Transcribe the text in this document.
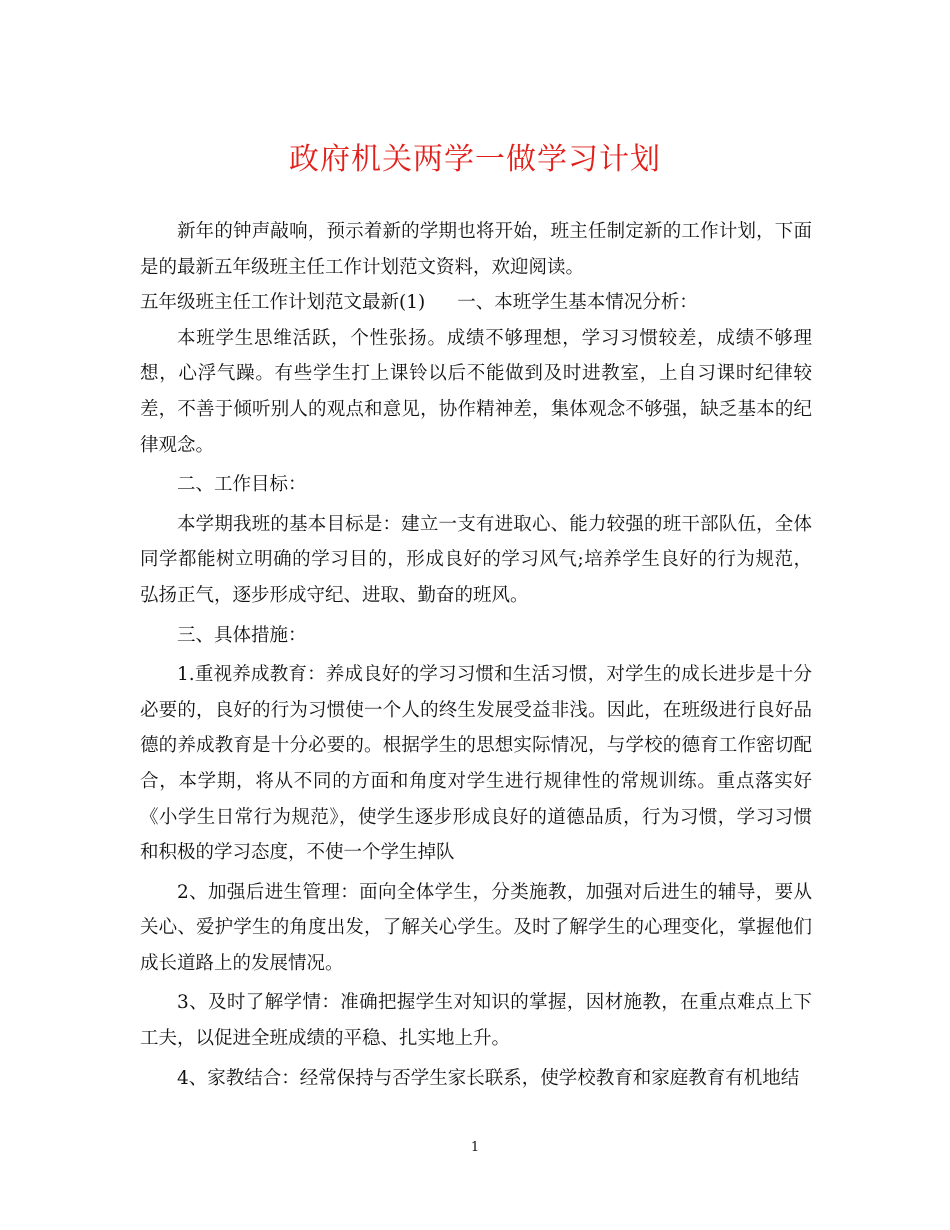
政府机关两学一做学习计划

新年的钟声敲响，预示着新的学期也将开始，班主任制定新的工作计划，下面是的最新五年级班主任工作计划范文资料，欢迎阅读。

五年级班主任工作计划范文最新(1) 一、本班学生基本情况分析：

本班学生思维活跃，个性张扬。成绩不够理想，学习习惯较差，成绩不够理想，心浮气躁。有些学生打上课铃以后不能做到及时进教室，上自习课时纪律较差，不善于倾听别人的观点和意见，协作精神差，集体观念不够强，缺乏基本的纪律观念。

二、工作目标：

本学期我班的基本目标是：建立一支有进取心、能力较强的班干部队伍，全体同学都能树立明确的学习目的，形成良好的学习风气;培养学生良好的行为规范，弘扬正气，逐步形成守纪、进取、勤奋的班风。

三、具体措施：

1.重视养成教育：养成良好的学习习惯和生活习惯，对学生的成长进步是十分必要的，良好的行为习惯使一个人的终生发展受益非浅。因此，在班级进行良好品德的养成教育是十分必要的。根据学生的思想实际情况，与学校的德育工作密切配合，本学期，将从不同的方面和角度对学生进行规律性的常规训练。重点落实好《小学生日常行为规范》，使学生逐步形成良好的道德品质，行为习惯，学习习惯和积极的学习态度，不使一个学生掉队

2、加强后进生管理：面向全体学生，分类施教，加强对后进生的辅导，要从关心、爱护学生的角度出发，了解关心学生。及时了解学生的心理变化，掌握他们成长道路上的发展情况。

3、及时了解学情：准确把握学生对知识的掌握，因材施教，在重点难点上下工夫，以促进全班成绩的平稳、扎实地上升。

4、家教结合：经常保持与否学生家长联系，使学校教育和家庭教育有机地结

1
